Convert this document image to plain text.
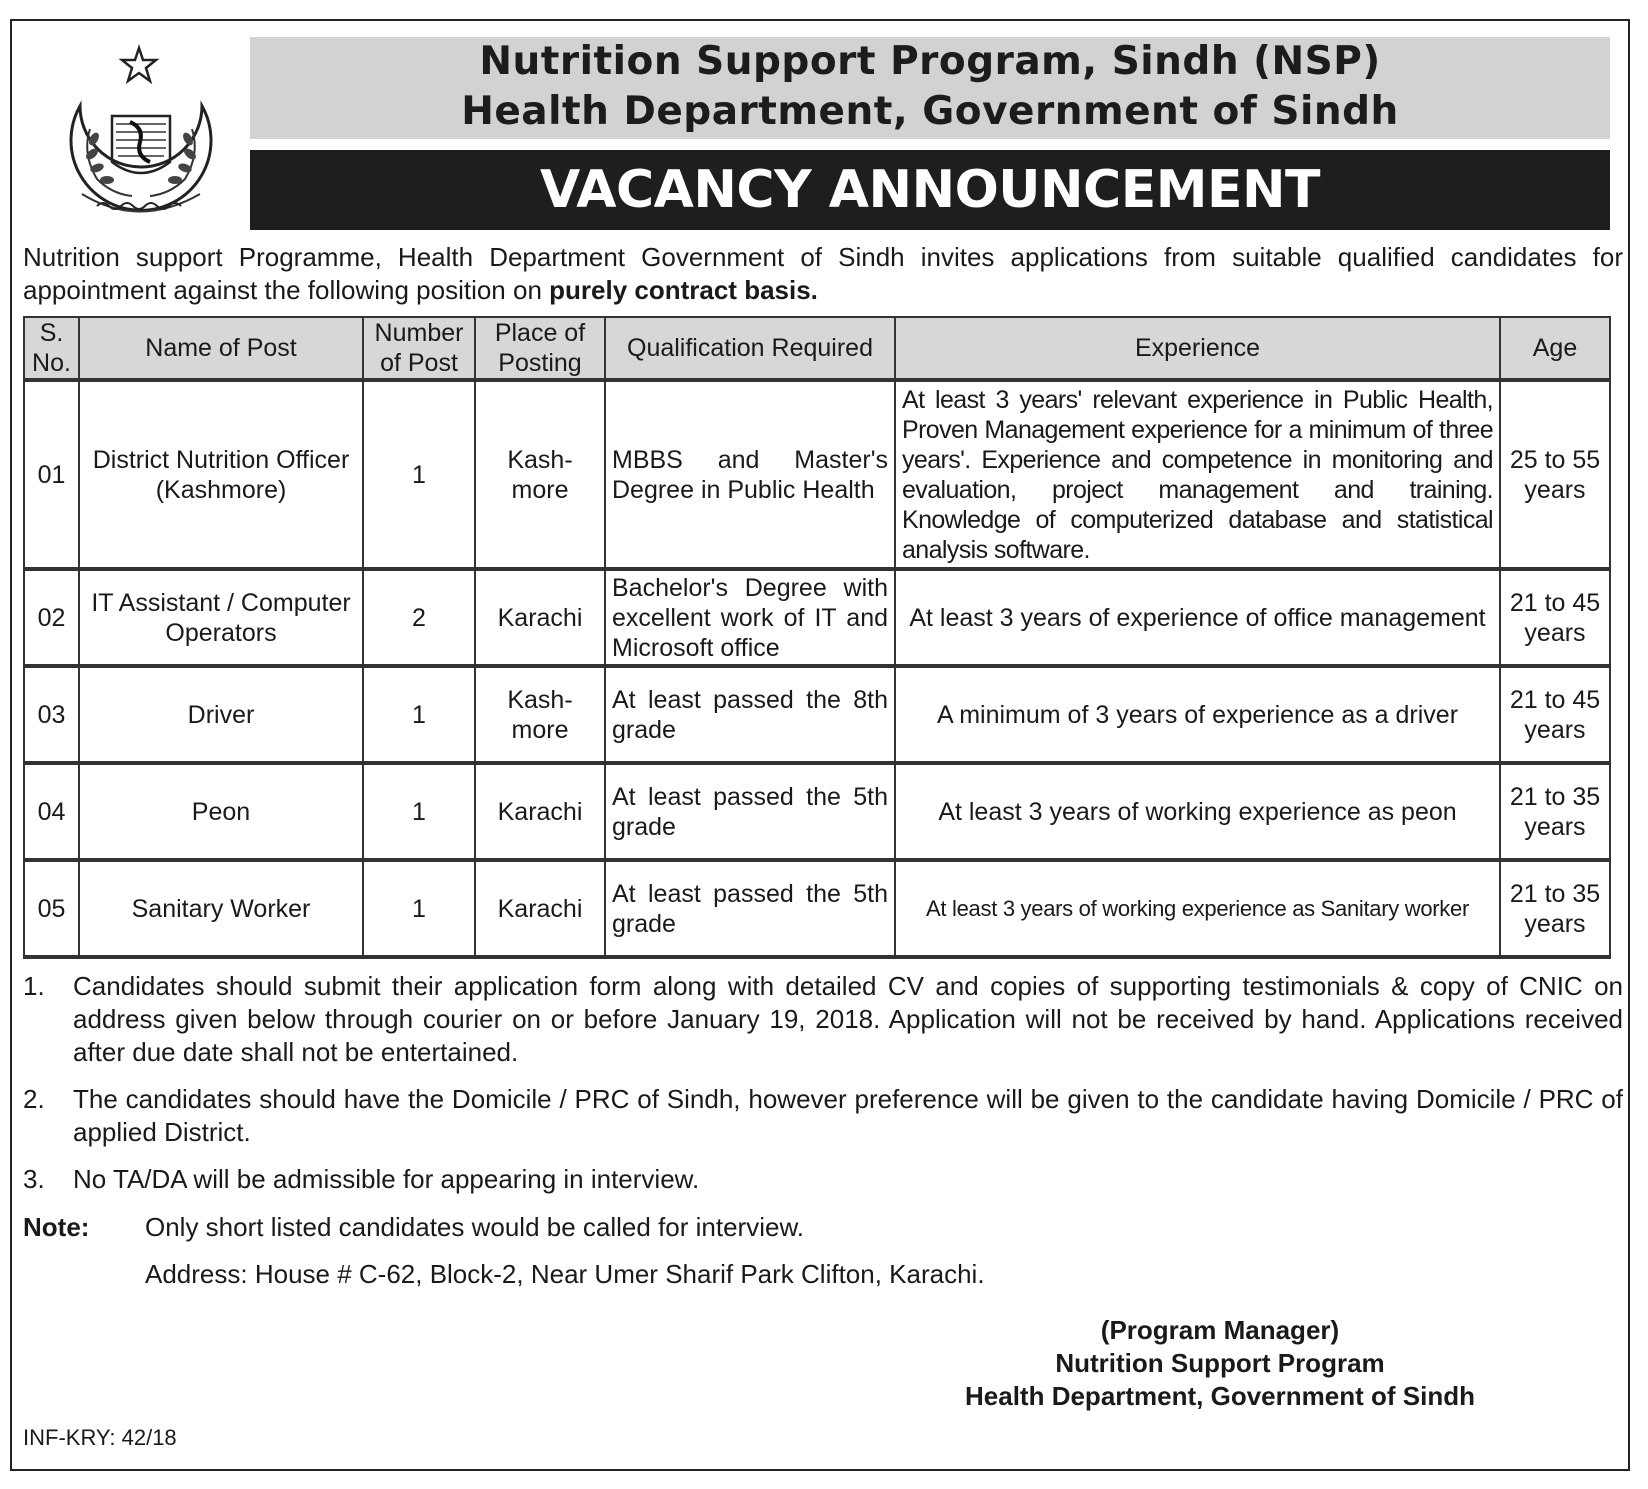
Nutrition Support Program, Sindh (NSP)
Health Department, Government of Sindh
VACANCY ANNOUNCEMENT
Nutrition support Programme, Health Department Government of Sindh invites applications from suitable qualified candidates for appointment against the following position on purely contract basis.
S. No.	Name of Post	Number of Post	Place of Posting	Qualification Required	Experience	Age
01	District Nutrition Officer (Kashmore)	1	Kash- more	MBBS and Master's Degree in Public Health	At least 3 years' relevant experience in Public Health, Proven Management experience for a minimum of three years'. Experience and competence in monitoring and evaluation, project management and training. Knowledge of computerized database and statistical analysis software.	25 to 55 years
02	IT Assistant / Computer Operators	2	Karachi	Bachelor's Degree with excellent work of IT and Microsoft office	At least 3 years of experience of office management	21 to 45 years
03	Driver	1	Kash- more	At least passed the 8th grade	A minimum of 3 years of experience as a driver	21 to 45 years
04	Peon	1	Karachi	At least passed the 5th grade	At least 3 years of working experience as peon	21 to 35 years
05	Sanitary Worker	1	Karachi	At least passed the 5th grade	At least 3 years of working experience as Sanitary worker	21 to 35 years
1.	Candidates should submit their application form along with detailed CV and copies of supporting testimonials & copy of CNIC on address given below through courier on or before January 19, 2018. Application will not be received by hand. Applications received after due date shall not be entertained.
2.	The candidates should have the Domicile / PRC of Sindh, however preference will be given to the candidate having Domicile / PRC of applied District.
3.	No TA/DA will be admissible for appearing in interview.
Note: Only short listed candidates would be called for interview.
Address: House # C-62, Block-2, Near Umer Sharif Park Clifton, Karachi.
(Program Manager)
Nutrition Support Program
Health Department, Government of Sindh
INF-KRY: 42/18
